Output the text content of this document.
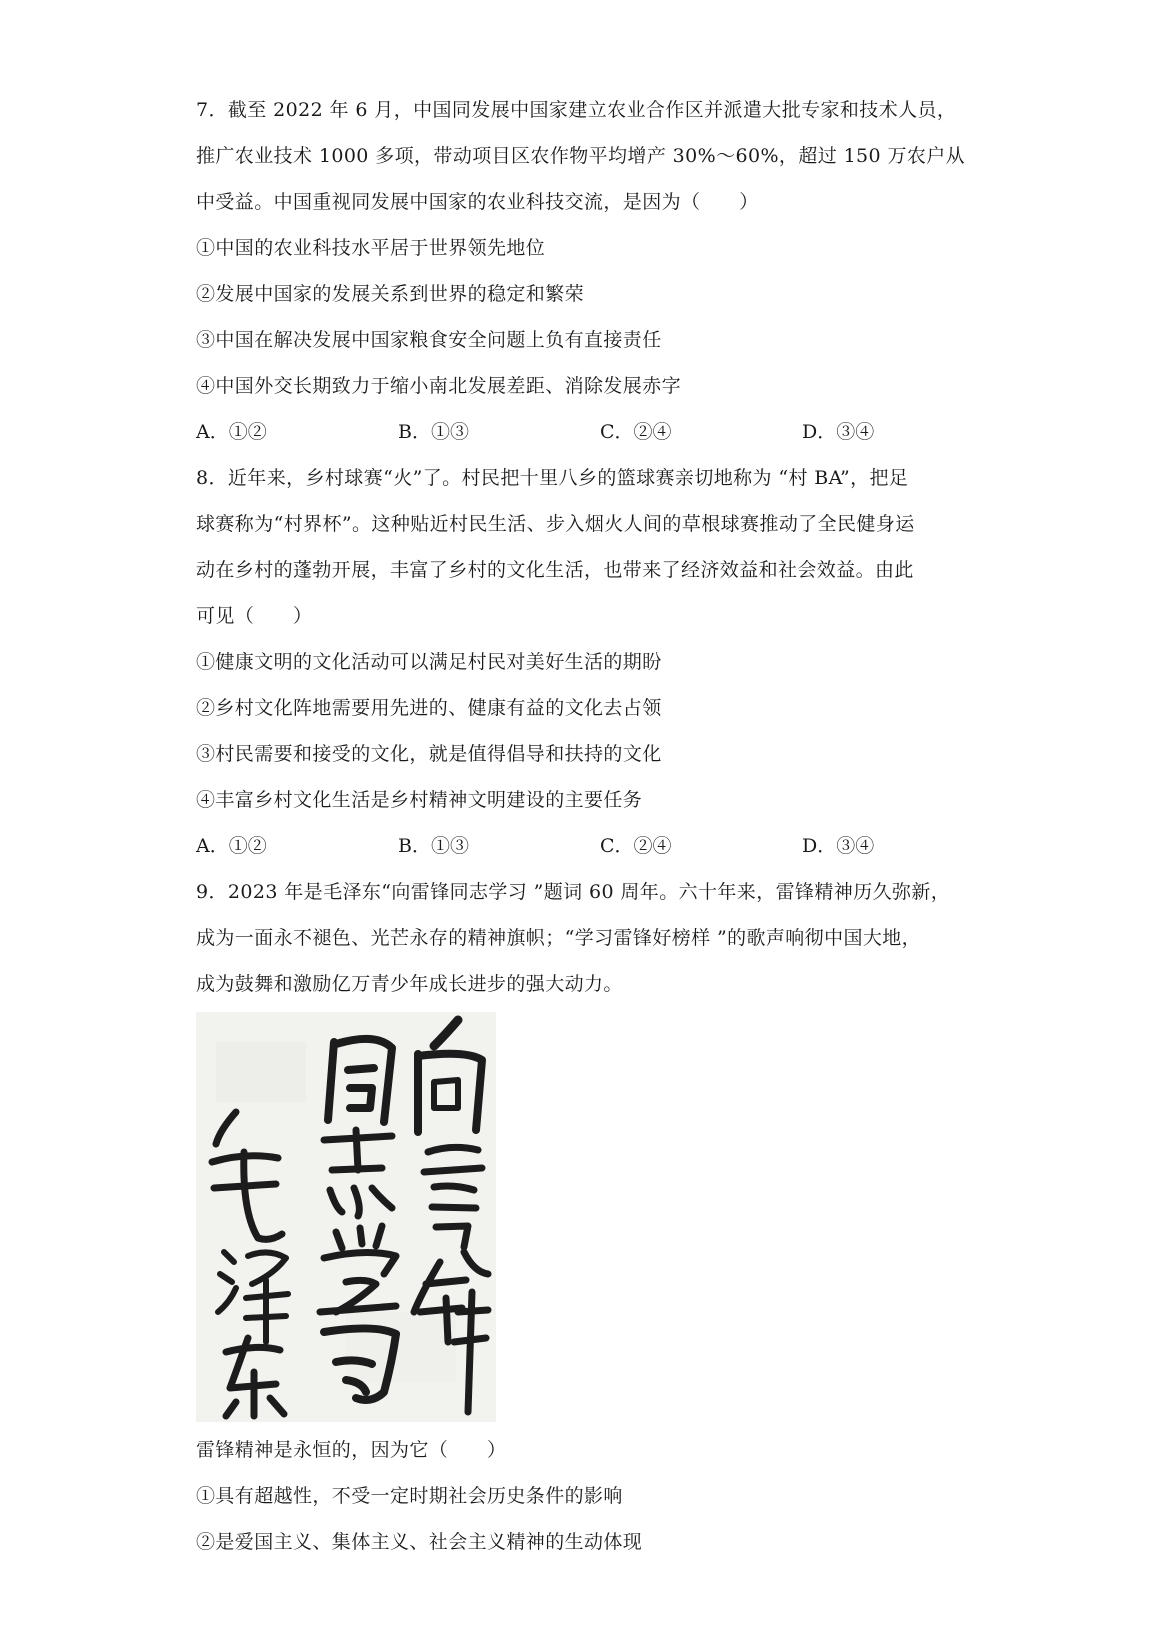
7．截至 2022 年 6 月，中国同发展中国家建立农业合作区并派遣大批专家和技术人员，
推广农业技术 1000 多项，带动项目区农作物平均增产 30%～60%，超过 150 万农户从
中受益。中国重视同发展中国家的农业科技交流，是因为（　　）
①中国的农业科技水平居于世界领先地位
②发展中国家的发展关系到世界的稳定和繁荣
③中国在解决发展中国家粮食安全问题上负有直接责任
④中国外交长期致力于缩小南北发展差距、消除发展赤字
A．①②	B．①③	C．②④	D．③④
8．近年来，乡村球赛“火”了。村民把十里八乡的篮球赛亲切地称为 “村 BA”，把足
球赛称为“村界杯”。这种贴近村民生活、步入烟火人间的草根球赛推动了全民健身运
动在乡村的蓬勃开展，丰富了乡村的文化生活，也带来了经济效益和社会效益。由此
可见（　　）
①健康文明的文化活动可以满足村民对美好生活的期盼
②乡村文化阵地需要用先进的、健康有益的文化去占领
③村民需要和接受的文化，就是值得倡导和扶持的文化
④丰富乡村文化生活是乡村精神文明建设的主要任务
A．①②	B．①③	C．②④	D．③④
9．2023 年是毛泽东“向雷锋同志学习 ”题词 60 周年。六十年来，雷锋精神历久弥新，
成为一面永不褪色、光芒永存的精神旗帜；“学习雷锋好榜样 ”的歌声响彻中国大地，
成为鼓舞和激励亿万青少年成长进步的强大动力。
雷锋精神是永恒的，因为它（　　）
①具有超越性，不受一定时期社会历史条件的影响
②是爱国主义、集体主义、社会主义精神的生动体现
